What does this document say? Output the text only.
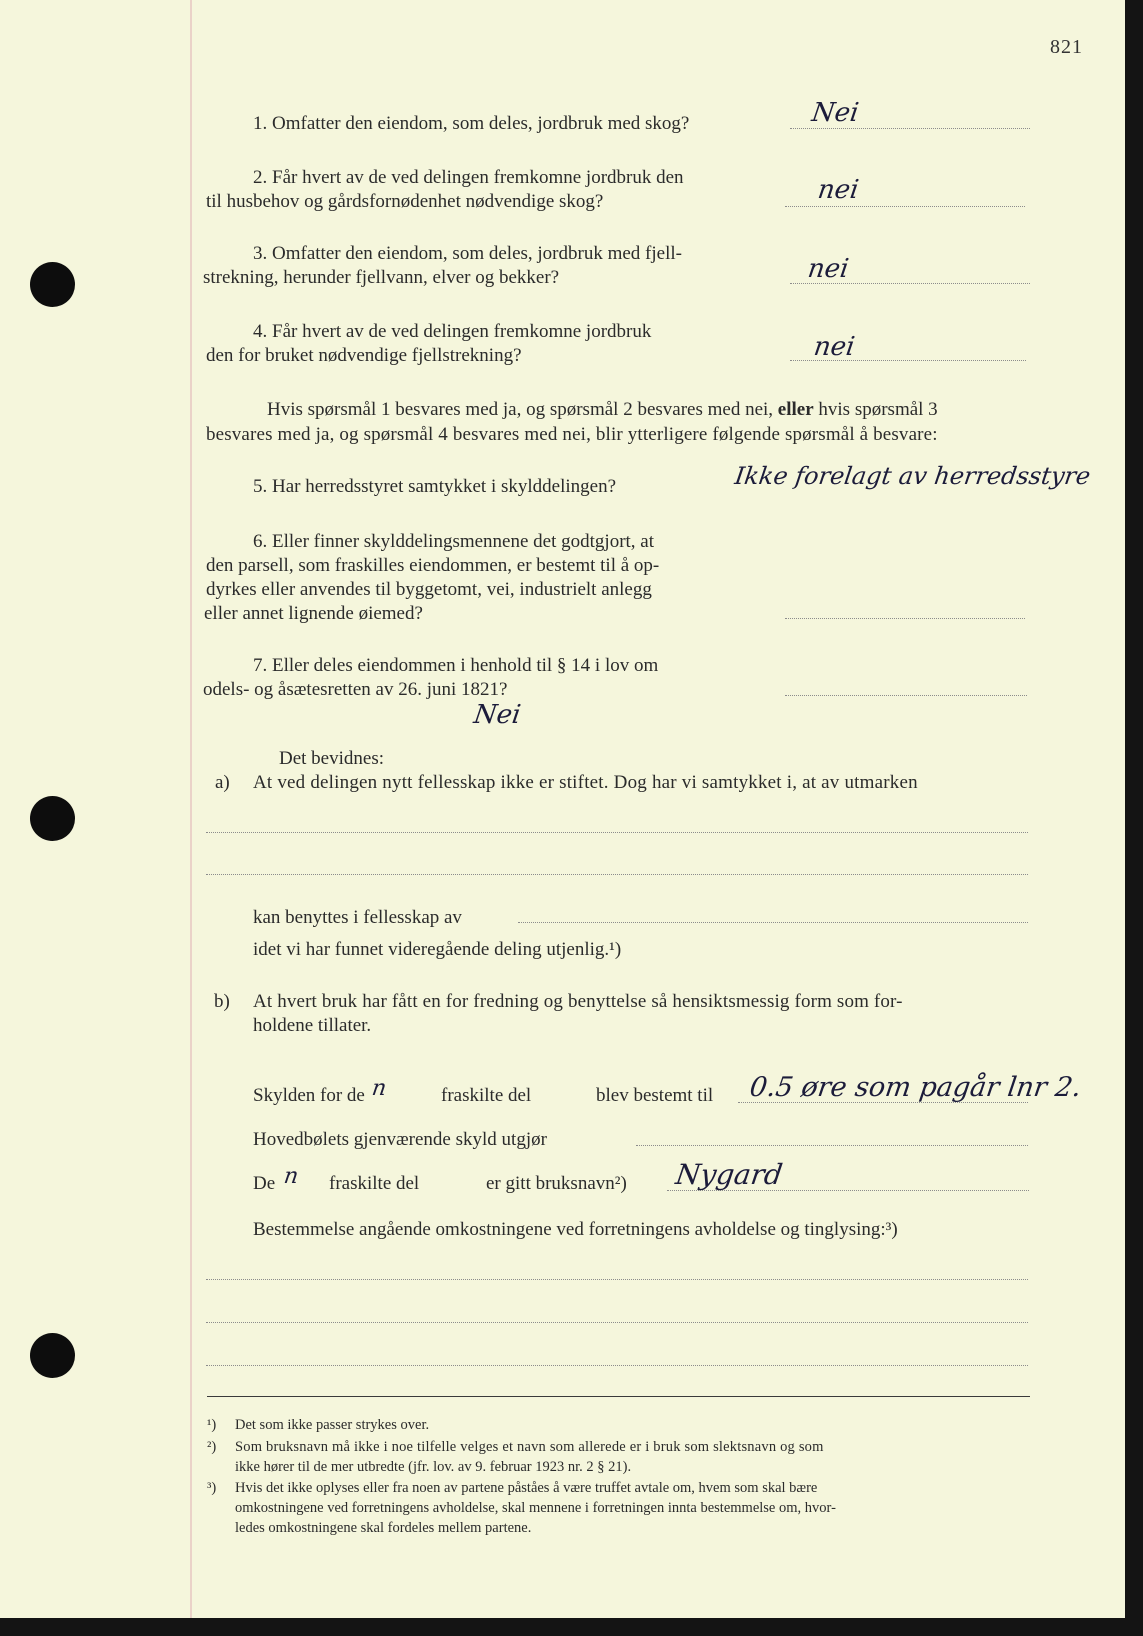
821
1. Omfatter den eiendom, som deles, jordbruk med skog?	Nei
2. Får hvert av de ved delingen fremkomne jordbruk den
til husbehov og gårdsfornødenhet nødvendige skog?	nei
3. Omfatter den eiendom, som deles, jordbruk med fjell-
strekning, herunder fjellvann, elver og bekker?	nei
4. Får hvert av de ved delingen fremkomne jordbruk
den for bruket nødvendige fjellstrekning?	nei
Hvis spørsmål 1 besvares med ja, og spørsmål 2 besvares med nei, eller hvis spørsmål 3
besvares med ja, og spørsmål 4 besvares med nei, blir ytterligere følgende spørsmål å besvare:
5. Har herredsstyret samtykket i skylddelingen?	Ikke forelagt av herredsstyre
6. Eller finner skylddelingsmennene det godtgjort, at
den parsell, som fraskilles eiendommen, er bestemt til å op-
dyrkes eller anvendes til byggetomt, vei, industrielt anlegg
eller annet lignende øiemed?
7. Eller deles eiendommen i henhold til § 14 i lov om
odels- og åsætesretten av 26. juni 1821?
Nei
Det bevidnes:
a) At ved delingen nytt fellesskap ikke er stiftet. Dog har vi samtykket i, at av utmarken
kan benyttes i fellesskap av
idet vi har funnet videregående deling utjenlig.¹)
b) At hvert bruk har fått en for fredning og benyttelse så hensiktsmessig form som for-
holdene tillater.
Skylden for de n	fraskilte del	blev bestemt til 0.5 øre som pagår lnr 2.
Hovedbølets gjenværende skyld utgjør
De n fraskilte del	er gitt bruksnavn²) Nygard
Bestemmelse angående omkostningene ved forretningens avholdelse og tinglysing:³)
¹) Det som ikke passer strykes over.
²) Som bruksnavn må ikke i noe tilfelle velges et navn som allerede er i bruk som slektsnavn og som
ikke hører til de mer utbredte (jfr. lov. av 9. februar 1923 nr. 2 § 21).
³) Hvis det ikke oplyses eller fra noen av partene påståes å være truffet avtale om, hvem som skal bære
omkostningene ved forretningens avholdelse, skal mennene i forretningen innta bestemmelse om, hvor-
ledes omkostningene skal fordeles mellem partene.
